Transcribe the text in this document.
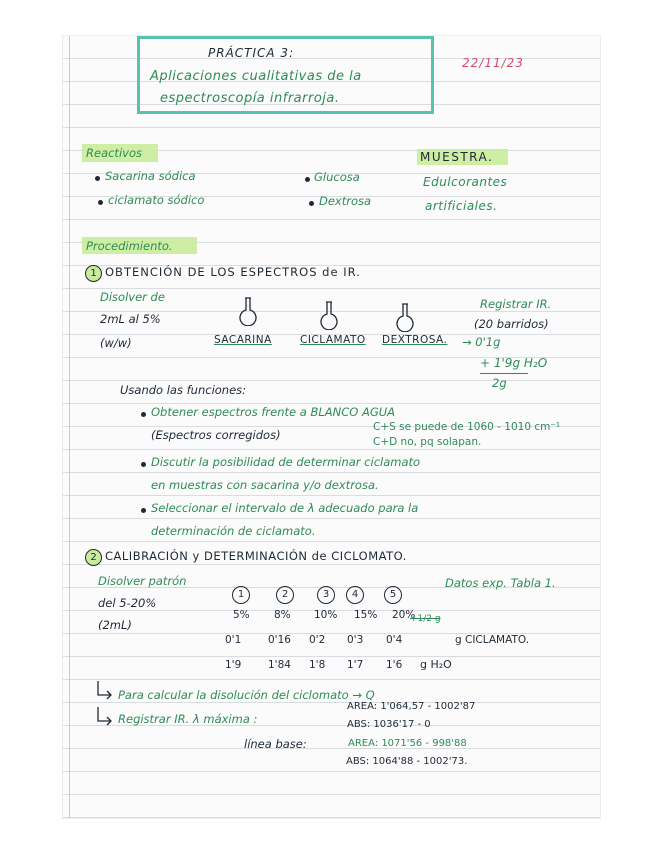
PRÁCTICA 3:
Aplicaciones cualitativas de la
espectroscopía infrarroja.
22/11/23
Reactivos
Sacarina sódica
ciclamato sódico
Glucosa
Dextrosa
MUESTRA.
Edulcorantes
artificiales.
Procedimiento.
1 OBTENCIÓN DE LOS ESPECTROS de IR.
Disolver de
2mL al 5%
(w/w)	SACARINA	CICLAMATO DEXTROSA.
Registrar IR.
(20 barridos)
→ 0'1g
+ 1'9g H₂O
2g
Usando las funciones:
Obtener espectros frente a BLANCO AGUA
(Espectros corregidos)
C+S se puede de 1060 - 1010 cm⁻¹
C+D no, pq solapan.
Discutir la posibilidad de determinar ciclamato
en muestras con sacarina y/o dextrosa.
Seleccionar el intervalo de λ adecuado para la
determinación de ciclamato.
2 CALIBRACIÓN y DETERMINACIÓN de CICLOMATO.
Disolver patrón
del 5-20%
(2mL)
Datos exp. Tabla 1.
1	2	3	4	5
5% 8% 10% 15% 20%
+1/2 g
0'1	0'16 0'2 0'3 0'4	g CICLAMATO.
1'9	1'84 1'8 1'7 1'6 g H₂O
Para calcular la disolución del ciclomato → Q
Registrar IR. λ máxima :
AREA: 1'064,57 - 1002'87
ABS: 1036'17 - 0
línea base:	AREA: 1071'56 - 998'88
ABS: 1064'88 - 1002'73.
